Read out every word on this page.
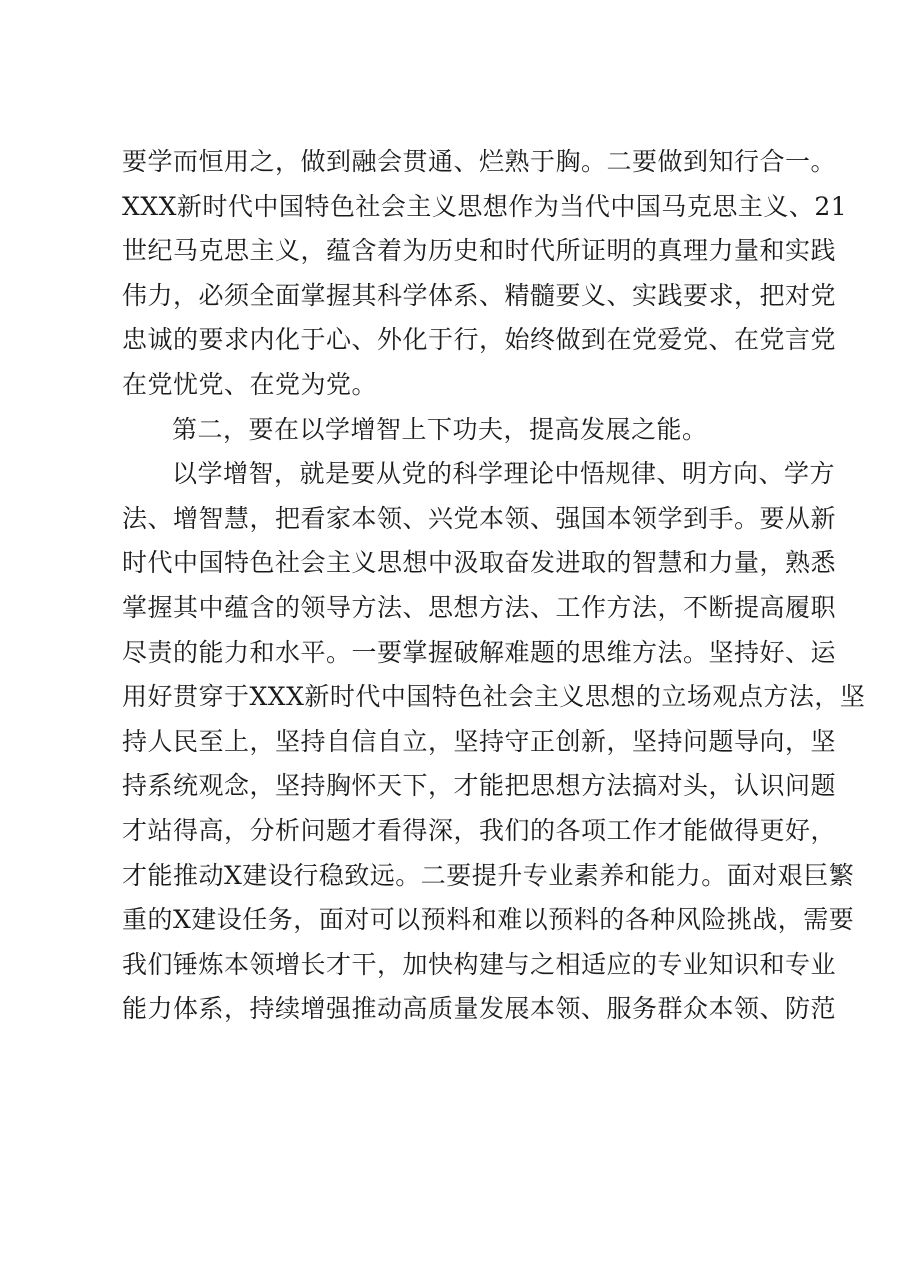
要学而恒用之，做到融会贯通、烂熟于胸。二要做到知行合一。
XXX新时代中国特色社会主义思想作为当代中国马克思主义、21
世纪马克思主义，蕴含着为历史和时代所证明的真理力量和实践
伟力，必须全面掌握其科学体系、精髓要义、实践要求，把对党
忠诚的要求内化于心、外化于行，始终做到在党爱党、在党言党
在党忧党、在党为党。
第二，要在以学增智上下功夫，提高发展之能。
以学增智，就是要从党的科学理论中悟规律、明方向、学方
法、增智慧，把看家本领、兴党本领、强国本领学到手。要从新
时代中国特色社会主义思想中汲取奋发进取的智慧和力量，熟悉
掌握其中蕴含的领导方法、思想方法、工作方法，不断提高履职
尽责的能力和水平。一要掌握破解难题的思维方法。坚持好、运
用好贯穿于XXX新时代中国特色社会主义思想的立场观点方法，坚
持人民至上，坚持自信自立，坚持守正创新，坚持问题导向，坚
持系统观念，坚持胸怀天下，才能把思想方法搞对头，认识问题
才站得高，分析问题才看得深，我们的各项工作才能做得更好，
才能推动X建设行稳致远。二要提升专业素养和能力。面对艰巨繁
重的X建设任务，面对可以预料和难以预料的各种风险挑战，需要
我们锤炼本领增长才干，加快构建与之相适应的专业知识和专业
能力体系，持续增强推动高质量发展本领、服务群众本领、防范
